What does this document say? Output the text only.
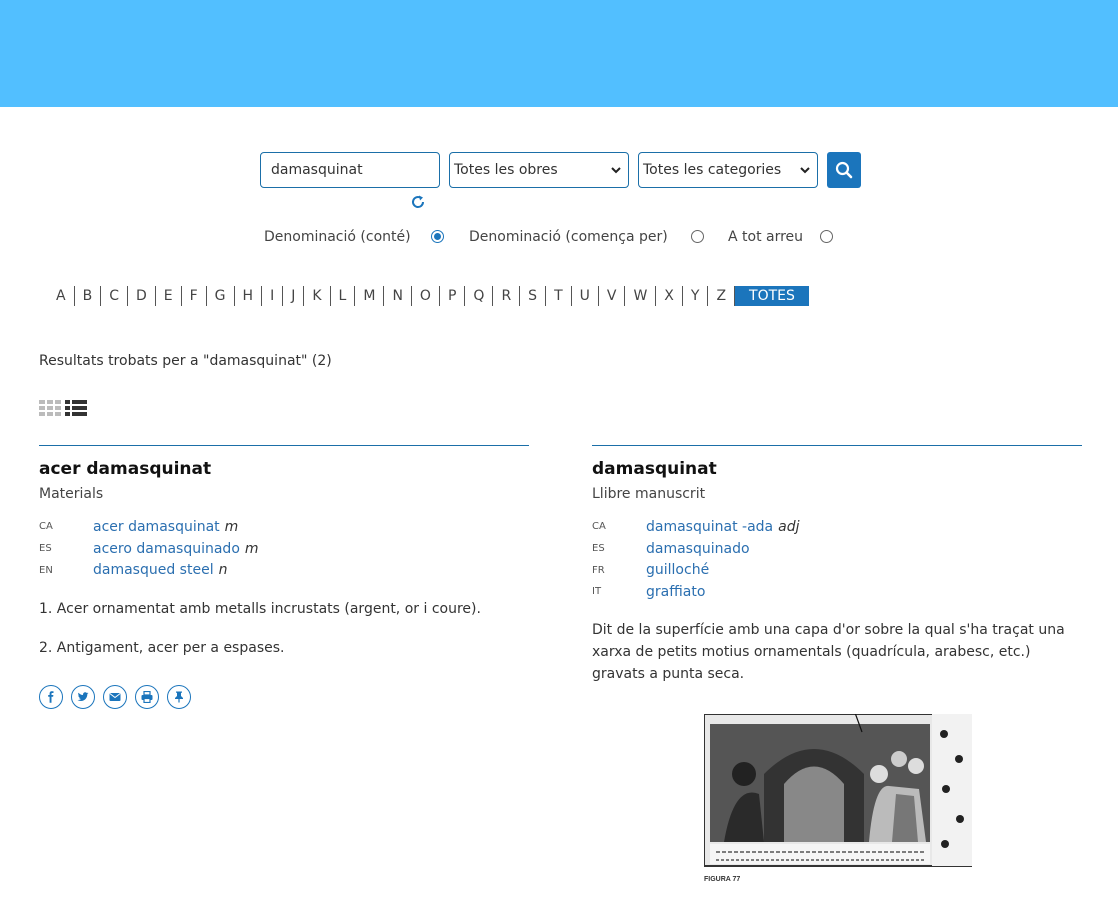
damasquinat
Totes les obres	Totes les categories
Denominació (conté)	Denominació (comença per)	A tot arreu
A	B	C	D	E	F	G	H	I	J	K	L	M	N	O	P	Q	R	S	T	U	V	W	X	Y	Z	TOTES
Resultats trobats per a "damasquinat" (2)
acer damasquinat
Materials
CA	acer damasquinat m
ES	acero damasquinado m
EN	damasqued steel n
1. Acer ornamentat amb metalls incrustats (argent, or i coure).
2. Antigament, acer per a espases.
damasquinat
Llibre manuscrit
CA	damasquinat -ada adj
ES	damasquinado
FR	guilloché
IT	graffiato
Dit de la superfície amb una capa d'or sobre la qual s'ha traçat una xarxa de petits motius ornamentals (quadrícula, arabesc, etc.) gravats a punta seca.
FIGURA 77
